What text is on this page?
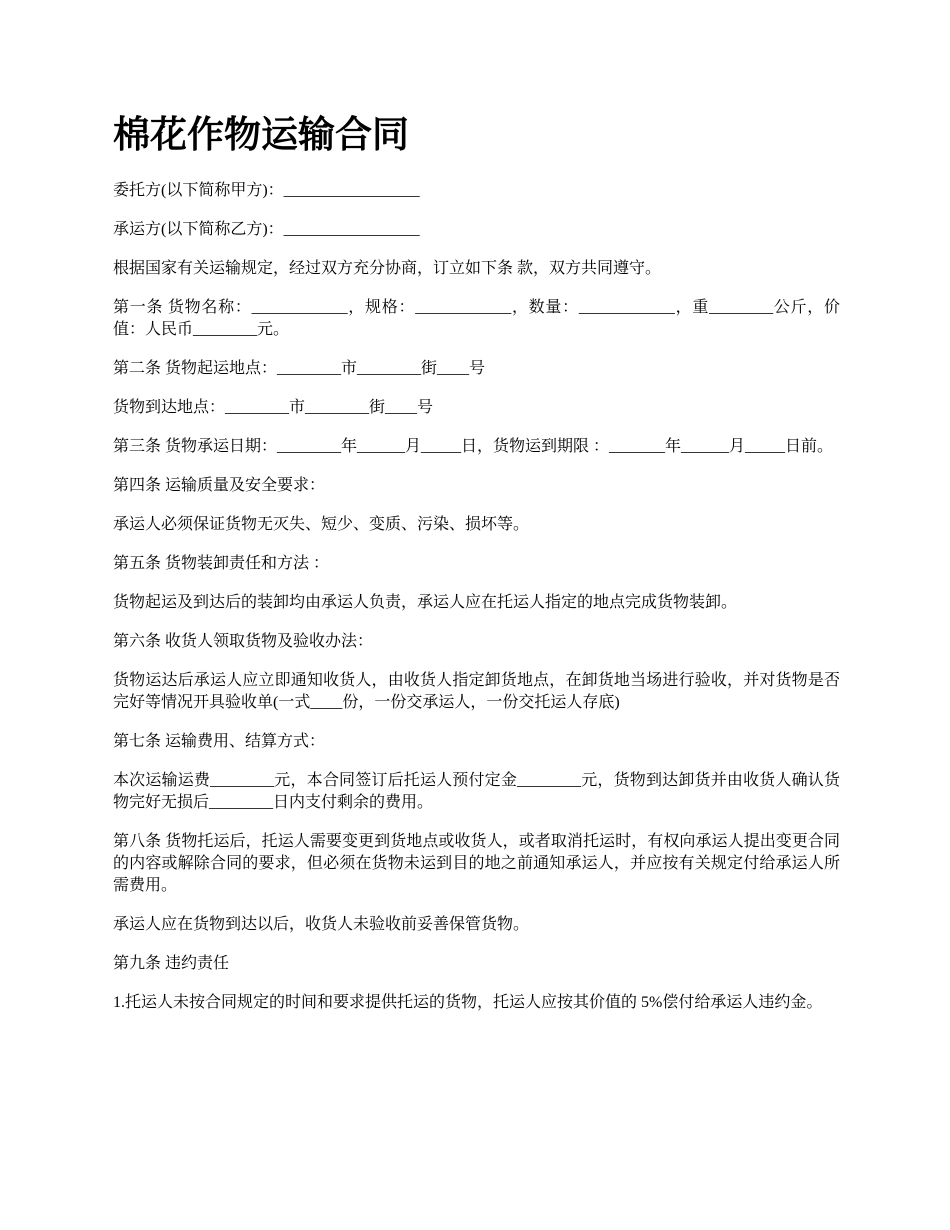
棉花作物运输合同

委托方(以下简称甲方)：_________________

承运方(以下简称乙方)：_________________

根据国家有关运输规定，经过双方充分协商，订立如下条 款，双方共同遵守。

第一条 货物名称：____________，规格：____________，数量：____________，重________公斤，价值：人民币________元。

第二条 货物起运地点：________市________街____号

货物到达地点：________市________街____号

第三条 货物承运日期：________年______月_____日，货物运到期限 ：_______年______月_____日前。

第四条 运输质量及安全要求：

承运人必须保证货物无灭失、短少、变质、污染、损坏等。

第五条 货物装卸责任和方法 ：

货物起运及到达后的装卸均由承运人负责，承运人应在托运人指定的地点完成货物装卸。

第六条 收货人领取货物及验收办法：

货物运达后承运人应立即通知收货人，由收货人指定卸货地点，在卸货地当场进行验收，并对货物是否完好等情况开具验收单(一式____份，一份交承运人，一份交托运人存底)

第七条 运输费用、结算方式：

本次运输运费________元，本合同签订后托运人预付定金________元，货物到达卸货并由收货人确认货物完好无损后________日内支付剩余的费用。

第八条 货物托运后，托运人需要变更到货地点或收货人，或者取消托运时，有权向承运人提出变更合同的内容或解除合同的要求，但必须在货物未运到目的地之前通知承运人，并应按有关规定付给承运人所需费用。

承运人应在货物到达以后，收货人未验收前妥善保管货物。

第九条 违约责任

1.托运人未按合同规定的时间和要求提供托运的货物，托运人应按其价值的 5%偿付给承运人违约金。
